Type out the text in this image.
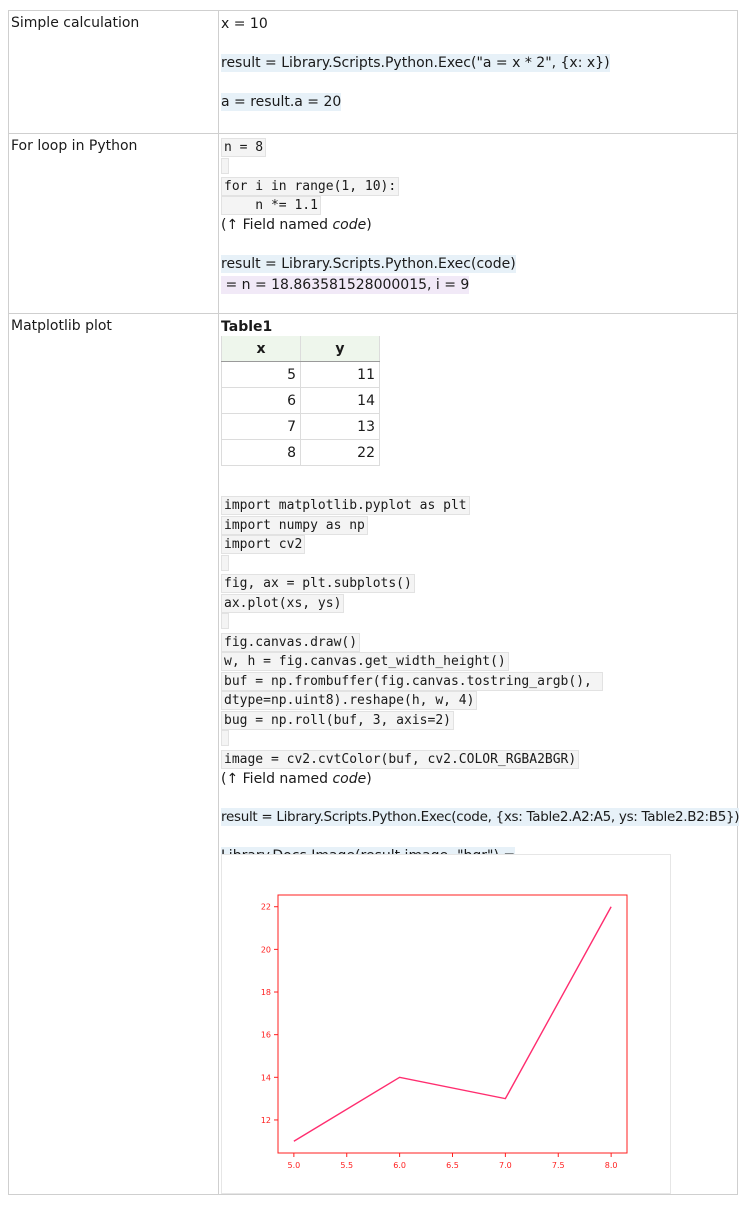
Simple calculation	x = 10
result = Library.Scripts.Python.Exec("a = x * 2", {x: x})
a = result.a = 20
For loop in Python	n = 8
for i in range(1, 10):
n *= 1.1
(↑ Field named code)
result = Library.Scripts.Python.Exec(code)
= n = 18.863581528000015, i = 9
Matplotlib plot	Table1
x	y
5	11
6	14
7	13
8	22
import matplotlib.pyplot as plt
import numpy as np
import cv2
fig, ax = plt.subplots()
ax.plot(xs, ys)
fig.canvas.draw()
w, h = fig.canvas.get_width_height()
buf = np.frombuffer(fig.canvas.tostring_argb(),
dtype=np.uint8).reshape(h, w, 4)
bug = np.roll(buf, 3, axis=2)
image = cv2.cvtColor(buf, cv2.COLOR_RGBA2BGR)
(↑ Field named code)
result = Library.Scripts.Python.Exec(code, {xs: Table2.A2:A5, ys: Table2.B2:B5})
5.0	5.5	6.0	6.5	7.0	7.5	8.0
12
14
16
18
20
22
